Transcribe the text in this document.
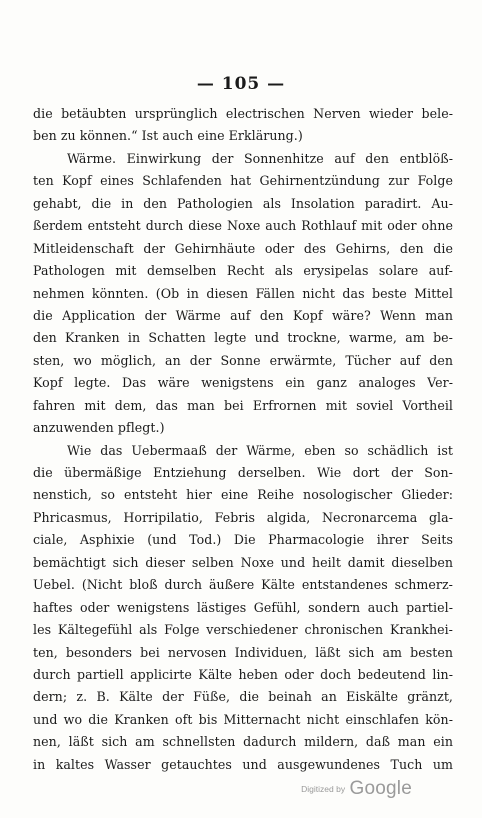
— 105 —
die betäubten ursprünglich electrischen Nerven wieder bele-
ben zu können.“ Ist auch eine Erklärung.)
Wärme. Einwirkung der Sonnenhitze auf den entblöß-
ten Kopf eines Schlafenden hat Gehirnentzündung zur Folge
gehabt, die in den Pathologien als Insolation paradirt. Au-
ßerdem entsteht durch diese Noxe auch Rothlauf mit oder ohne
Mitleidenschaft der Gehirnhäute oder des Gehirns, den die
Pathologen mit demselben Recht als erysipelas solare auf-
nehmen könnten. (Ob in diesen Fällen nicht das beste Mittel
die Application der Wärme auf den Kopf wäre? Wenn man
den Kranken in Schatten legte und trockne, warme, am be-
sten, wo möglich, an der Sonne erwärmte, Tücher auf den
Kopf legte. Das wäre wenigstens ein ganz analoges Ver-
fahren mit dem, das man bei Erfrornen mit soviel Vortheil
anzuwenden pflegt.)
Wie das Uebermaaß der Wärme, eben so schädlich ist
die übermäßige Entziehung derselben. Wie dort der Son-
nenstich, so entsteht hier eine Reihe nosologischer Glieder:
Phricasmus, Horripilatio, Febris algida, Necronarcema gla-
ciale, Asphixie (und Tod.) Die Pharmacologie ihrer Seits
bemächtigt sich dieser selben Noxe und heilt damit dieselben
Uebel. (Nicht bloß durch äußere Kälte entstandenes schmerz-
haftes oder wenigstens lästiges Gefühl, sondern auch partiel-
les Kältegefühl als Folge verschiedener chronischen Krankhei-
ten, besonders bei nervosen Individuen, läßt sich am besten
durch partiell applicirte Kälte heben oder doch bedeutend lin-
dern; z. B. Kälte der Füße, die beinah an Eiskälte gränzt,
und wo die Kranken oft bis Mitternacht nicht einschlafen kön-
nen, läßt sich am schnellsten dadurch mildern, daß man ein
in kaltes Wasser getauchtes und ausgewundenes Tuch um
Digitized by Google
